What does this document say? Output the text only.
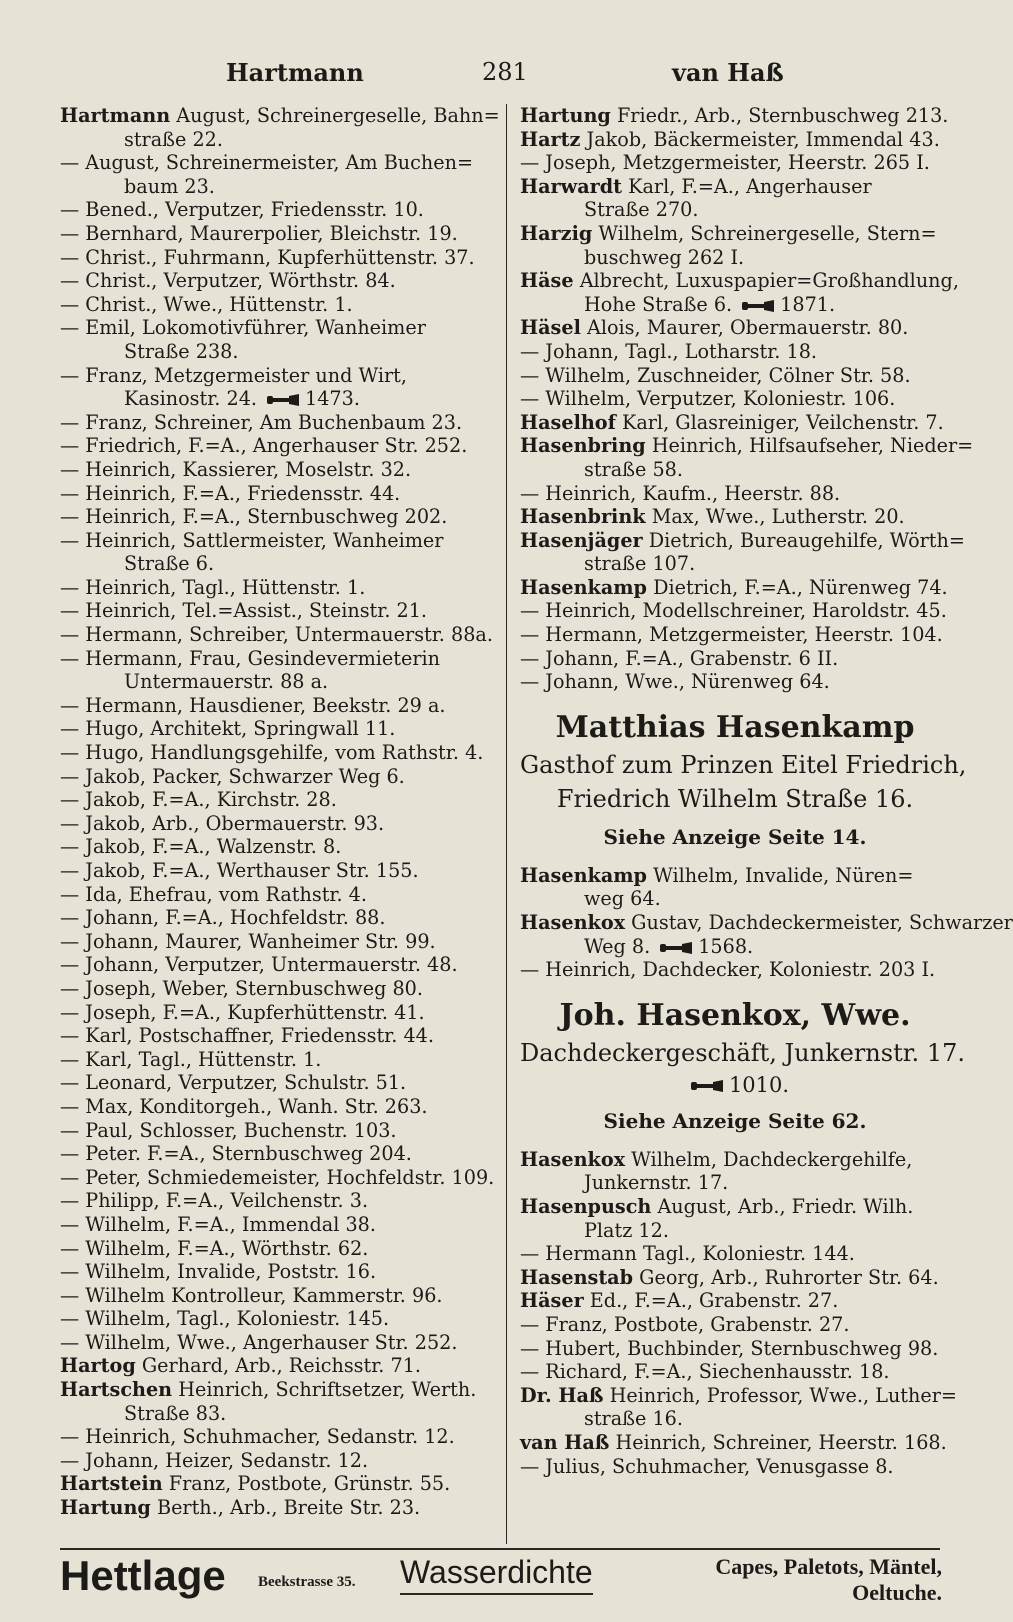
Hartmann	281	van Haß
Hartmann August, Schreinergeselle, Bahn=
straße 22.
— August, Schreinermeister, Am Buchen=
baum 23.
— Bened., Verputzer, Friedensstr. 10.
— Bernhard, Maurerpolier, Bleichstr. 19.
— Christ., Fuhrmann, Kupferhüttenstr. 37.
— Christ., Verputzer, Wörthstr. 84.
— Christ., Wwe., Hüttenstr. 1.
— Emil, Lokomotivführer, Wanheimer
Straße 238.
— Franz, Metzgermeister und Wirt,
Kasinostr. 24.	1473.
— Franz, Schreiner, Am Buchenbaum 23.
— Friedrich, F.=A., Angerhauser Str. 252.
— Heinrich, Kassierer, Moselstr. 32.
— Heinrich, F.=A., Friedensstr. 44.
— Heinrich, F.=A., Sternbuschweg 202.
— Heinrich, Sattlermeister, Wanheimer
Straße 6.
— Heinrich, Tagl., Hüttenstr. 1.
— Heinrich, Tel.=Assist., Steinstr. 21.
— Hermann, Schreiber, Untermauerstr. 88a.
— Hermann, Frau, Gesindevermieterin
Untermauerstr. 88 a.
— Hermann, Hausdiener, Beekstr. 29 a.
— Hugo, Architekt, Springwall 11.
— Hugo, Handlungsgehilfe, vom Rathstr. 4.
— Jakob, Packer, Schwarzer Weg 6.
— Jakob, F.=A., Kirchstr. 28.
— Jakob, Arb., Obermauerstr. 93.
— Jakob, F.=A., Walzenstr. 8.
— Jakob, F.=A., Werthauser Str. 155.
— Ida, Ehefrau, vom Rathstr. 4.
— Johann, F.=A., Hochfeldstr. 88.
— Johann, Maurer, Wanheimer Str. 99.
— Johann, Verputzer, Untermauerstr. 48.
— Joseph, Weber, Sternbuschweg 80.
— Joseph, F.=A., Kupferhüttenstr. 41.
— Karl, Postschaffner, Friedensstr. 44.
— Karl, Tagl., Hüttenstr. 1.
— Leonard, Verputzer, Schulstr. 51.
— Max, Konditorgeh., Wanh. Str. 263.
— Paul, Schlosser, Buchenstr. 103.
— Peter. F.=A., Sternbuschweg 204.
— Peter, Schmiedemeister, Hochfeldstr. 109.
— Philipp, F.=A., Veilchenstr. 3.
— Wilhelm, F.=A., Immendal 38.
— Wilhelm, F.=A., Wörthstr. 62.
— Wilhelm, Invalide, Poststr. 16.
— Wilhelm Kontrolleur, Kammerstr. 96.
— Wilhelm, Tagl., Koloniestr. 145.
— Wilhelm, Wwe., Angerhauser Str. 252.
Hartog Gerhard, Arb., Reichsstr. 71.
Hartschen Heinrich, Schriftsetzer, Werth.
Straße 83.
— Heinrich, Schuhmacher, Sedanstr. 12.
— Johann, Heizer, Sedanstr. 12.
Hartstein Franz, Postbote, Grünstr. 55.
Hartung Berth., Arb., Breite Str. 23.
Hartung Friedr., Arb., Sternbuschweg 213.
Hartz Jakob, Bäckermeister, Immendal 43.
— Joseph, Metzgermeister, Heerstr. 265 I.
Harwardt Karl, F.=A., Angerhauser
Straße 270.
Harzig Wilhelm, Schreinergeselle, Stern=
buschweg 262 I.
Häse Albrecht, Luxuspapier=Großhandlung,
Hohe Straße 6.	1871.
Häsel Alois, Maurer, Obermauerstr. 80.
— Johann, Tagl., Lotharstr. 18.
— Wilhelm, Zuschneider, Cölner Str. 58.
— Wilhelm, Verputzer, Koloniestr. 106.
Haselhof Karl, Glasreiniger, Veilchenstr. 7.
Hasenbring Heinrich, Hilfsaufseher, Nieder=
straße 58.
— Heinrich, Kaufm., Heerstr. 88.
Hasenbrink Max, Wwe., Lutherstr. 20.
Hasenjäger Dietrich, Bureaugehilfe, Wörth=
straße 107.
Hasenkamp Dietrich, F.=A., Nürenweg 74.
— Heinrich, Modellschreiner, Haroldstr. 45.
— Hermann, Metzgermeister, Heerstr. 104.
— Johann, F.=A., Grabenstr. 6 II.
— Johann, Wwe., Nürenweg 64.
Matthias Hasenkamp
Gasthof zum Prinzen Eitel Friedrich,
Friedrich Wilhelm Straße 16.
Siehe Anzeige Seite 14.
Hasenkamp Wilhelm, Invalide, Nüren=
weg 64.
Hasenkox Gustav, Dachdeckermeister, Schwarzer
Weg 8.	1568.
— Heinrich, Dachdecker, Koloniestr. 203 I.
Joh. Hasenkox, Wwe.
Dachdeckergeschäft, Junkernstr. 17.
1010.
Siehe Anzeige Seite 62.
Hasenkox Wilhelm, Dachdeckergehilfe,
Junkernstr. 17.
Hasenpusch August, Arb., Friedr. Wilh.
Platz 12.
— Hermann Tagl., Koloniestr. 144.
Hasenstab Georg, Arb., Ruhrorter Str. 64.
Häser Ed., F.=A., Grabenstr. 27.
— Franz, Postbote, Grabenstr. 27.
— Hubert, Buchbinder, Sternbuschweg 98.
— Richard, F.=A., Siechenhausstr. 18.
Dr. Haß Heinrich, Professor, Wwe., Luther=
straße 16.
van Haß Heinrich, Schreiner, Heerstr. 168.
— Julius, Schuhmacher, Venusgasse 8.
Hettlage Beekstrasse 35. Wasserdichte	Capes, Paletots, Mäntel,
Oeltuche.
